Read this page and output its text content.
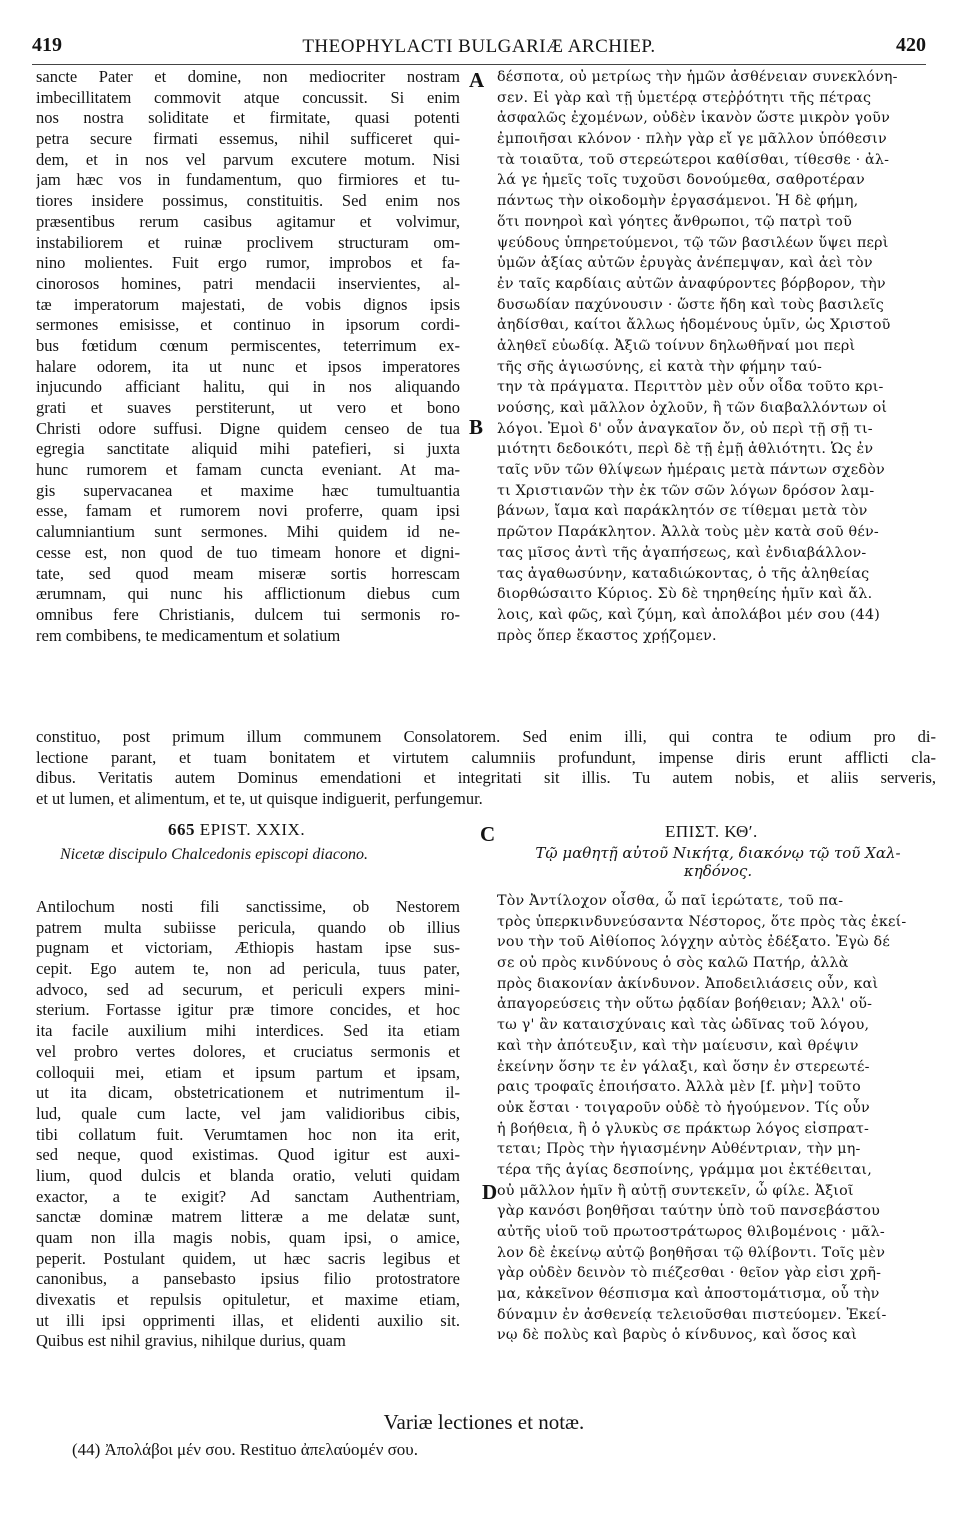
419	THEOPHYLACTI BULGARIÆ ARCHIEP.	420
sancte Pater et domine, non mediocriter nostram
imbecillitatem commovit atque concussit. Si enim
nos nostra soliditate et firmitate, quasi potenti
petra secure firmati essemus, nihil sufficeret qui-
dem, et in nos vel parvum excutere motum. Nisi
jam hæc vos in fundamentum, quo firmiores et tu-
tiores insidere possimus, constituitis. Sed enim nos
præsentibus rerum casibus agitamur et volvimur,
instabiliorem et ruinæ proclivem structuram om-
nino molientes. Fuit ergo rumor, improbos et fa-
cinorosos homines, patri mendacii inservientes, al-
tæ imperatorum majestati, de vobis dignos ipsis
sermones emisisse, et continuo in ipsorum cordi-
bus fœtidum cœnum permiscentes, teterrimum ex-
halare odorem, ita ut nunc et ipsos imperatores
injucundo afficiant halitu, qui in nos aliquando
grati et suaves perstiterunt, ut vero et bono
Christi odore suffusi. Digne quidem censeo de tua
egregia sanctitate aliquid mihi patefieri, si juxta
hunc rumorem et famam cuncta eveniant. At ma-
gis supervacanea et maxime hæc tumultuantia
esse, famam et rumorem novi proferre, quam ipsi
calumniantium sunt sermones. Mihi quidem id ne-
cesse est, non quod de tuo timeam honore et digni-
tate, sed quod meam miseræ sortis horrescam
ærumnam, qui nunc his afflictionum diebus cum
omnibus fere Christianis, dulcem tui sermonis ro-
rem combibens, te medicamentum et solatium
δέσποτα, οὐ μετρίως τὴν ἡμῶν ἀσθένειαν συνεκλόνη-
σεν. Εἰ γὰρ καὶ τῇ ὑμετέρᾳ στεῤῥότητι τῆς πέτρας
ἀσφαλῶς ἐχομένων, οὐδὲν ἱκανὸν ὥστε μικρὸν γοῦν
ἐμποιῆσαι κλόνον · πλὴν γὰρ εἴ γε μᾶλλον ὑπόθεσιν
τὰ τοιαῦτα, τοῦ στερεώτεροι καθίσθαι, τίθεσθε · ἀλ-
λά γε ἡμεῖς τοῖς τυχοῦσι δονούμεθα, σαθροτέραν
πάντως τὴν οἰκοδομὴν ἐργασάμενοι. Ἡ δὲ φήμη,
ὅτι πονηροὶ καὶ γόητες ἄνθρωποι, τῷ πατρὶ τοῦ
ψεύδους ὑπηρετούμενοι, τῷ τῶν βασιλέων ὕψει περὶ
ὑμῶν ἀξίας αὐτῶν ἐρυγὰς ἀνέπεμψαν, καὶ ἀεὶ τὸν
ἐν ταῖς καρδίαις αὐτῶν ἀναφύροντες βόρβορον, τὴν
δυσωδίαν παχύνουσιν · ὥστε ἤδη καὶ τοὺς βασιλεῖς
ἀηδίσθαι, καίτοι ἄλλως ἡδομένους ὑμῖν, ὡς Χριστοῦ
ἀληθεῖ εὐωδίᾳ. Ἀξιῶ τοίνυν δηλωθῆναί μοι περὶ
τῆς σῆς ἁγιωσύνης, εἰ κατὰ τὴν φήμην ταύ-
την τὰ πράγματα. Περιττὸν μὲν οὖν οἶδα τοῦτο κρι-
νούσης, καὶ μᾶλλον ὀχλοῦν, ἢ τῶν διαβαλλόντων οἱ
λόγοι. Ἐμοὶ δ' οὖν ἀναγκαῖον ὄν, οὐ περὶ τῇ σῇ τι-
μιότητι δεδοικότι, περὶ δὲ τῇ ἐμῇ ἀθλιότητι. Ὡς ἐν
ταῖς νῦν τῶν θλίψεων ἡμέραις μετὰ πάντων σχεδὸν
τι Χριστιανῶν τὴν ἐκ τῶν σῶν λόγων δρόσον λαμ-
βάνων, ἴαμα καὶ παράκλητόν σε τίθεμαι μετὰ τὸν
πρῶτον Παράκλητον. Ἀλλὰ τοὺς μὲν κατὰ σοῦ θέν-
τας μῖσος ἀντὶ τῆς ἀγαπήσεως, καὶ ἐνδιαβάλλον-
τας ἀγαθωσύνην, καταδιώκοντας, ὁ τῆς ἀληθείας
διορθώσαιτο Κύριος. Σὺ δὲ τηρηθείης ἡμῖν καὶ ἄλ.
λοις, καὶ φῶς, καὶ ζύμη, καὶ ἀπολάβοι μέν σου (44)
πρὸς ὅπερ ἕκαστος χρῄζομεν.
A
B
constituo, post primum illum communem Consolatorem. Sed enim illi, qui contra te odium pro di-
lectione parant, et tuam bonitatem et virtutem calumniis profundunt, impense diris erunt afflicti cla-
dibus. Veritatis autem Dominus emendationi et integritati sit illis. Tu autem nobis, et aliis serveris,
et ut lumen, et alimentum, et te, ut quisque indiguerit, perfungemur.
665 EPIST. XXIX.
Nicetæ discipulo Chalcedonis episcopi diacono.
C	ΕΠΙΣΤ. ΚΘʹ.
Τῷ μαθητῇ αὐτοῦ Νικήτᾳ, διακόνῳ τῷ τοῦ Χαλ-
κηδόνος.
Antilochum nosti fili sanctissime, ob Nestorem
patrem multa subiisse pericula, quando ob illius
pugnam et victoriam, Æthiopis hastam ipse sus-
cepit. Ego autem te, non ad pericula, tuus pater,
advoco, sed ad securum, et periculi expers mini-
sterium. Fortasse igitur præ timore concides, et hoc
ita facile auxilium mihi interdices. Sed ita etiam
vel probro vertes dolores, et cruciatus sermonis et
colloquii mei, etiam et ipsum partum et ipsam,
ut ita dicam, obstetricationem et nutrimentum il-
lud, quale cum lacte, vel jam validioribus cibis,
tibi collatum fuit. Verumtamen hoc non ita erit,
sed neque, quod existimas. Quod igitur est auxi-
lium, quod dulcis et blanda oratio, veluti quidam
exactor, a te exigit? Ad sanctam Authentriam,
sanctæ dominæ matrem litteræ a me delatæ sunt,
quam non illa magis nobis, quam ipsi, o amice,
peperit. Postulant quidem, ut hæc sacris legibus et
canonibus, a pansebasto ipsius filio protostratore
divexatis et repulsis opituletur, et maxime etiam,
ut illi ipsi opprimenti illas, et elidenti auxilio sit.
Quibus est nihil gravius, nihilque durius, quam
Τὸν Ἀντίλοχον οἶσθα, ὦ παῖ ἱερώτατε, τοῦ πα-
τρὸς ὑπερκινδυνεύσαντα Νέστορος, ὅτε πρὸς τὰς ἐκεί-
νου τὴν τοῦ Αἰθίοπος λόγχην αὐτὸς ἐδέξατο. Ἐγὼ δέ
σε οὐ πρὸς κινδύνους ὁ σὸς καλῶ Πατήρ, ἀλλὰ
πρὸς διακονίαν ἀκίνδυνον. Ἀποδειλιάσεις οὖν, καὶ
ἀπαγορεύσεις τὴν οὕτω ῥᾳδίαν βοήθειαν; Ἀλλ' οὕ-
τω γ' ἂν καταισχύναις καὶ τὰς ὠδῖνας τοῦ λόγου,
καὶ τὴν ἀπότευξιν, καὶ τὴν μαίευσιν, καὶ θρέψιν
ἐκείνην ὅσην τε ἐν γάλαξι, καὶ ὅσην ἐν στερεωτέ-
ραις τροφαῖς ἐποιήσατο. Ἀλλὰ μὲν [f. μὴν] τοῦτο
οὐκ ἔσται · τοιγαροῦν οὐδὲ τὸ ἡγούμενον. Τίς οὖν
ἡ βοήθεια, ἢ ὁ γλυκὺς σε πράκτωρ λόγος εἰσπρατ-
τεται; Πρὸς τὴν ἡγιασμένην Αὐθέντριαν, τὴν μη-
τέρα τῆς ἁγίας δεσποίνης, γράμμα μοι ἐκτέθειται,
οὐ μᾶλλον ἡμῖν ἢ αὐτῇ συντεκεῖν, ὦ φίλε. Ἀξιοῖ
γὰρ κανόσι βοηθῆσαι ταύτην ὑπὸ τοῦ πανσεβάστου
αὐτῆς υἱοῦ τοῦ πρωτοστράτωρος θλιβομένοις · μᾶλ-
λον δὲ ἐκείνῳ αὐτῷ βοηθῆσαι τῷ θλίβοντι. Τοῖς μὲν
γὰρ οὐδὲν δεινὸν τὸ πιέζεσθαι · θεῖον γὰρ εἰσι χρῆ-
μα, κἀκεῖνον θέσπισμα καὶ ἀποστομάτισμα, οὗ τὴν
δύναμιν ἐν ἀσθενείᾳ τελειοῦσθαι πιστεύομεν. Ἐκεί-
νῳ δὲ πολὺς καὶ βαρὺς ὁ κίνδυνος, καὶ ὅσος καὶ
D
Variæ lectiones et notæ.
(44) Ἀπολάβοι μέν σου. Restituo ἀπελαύομέν σου.
